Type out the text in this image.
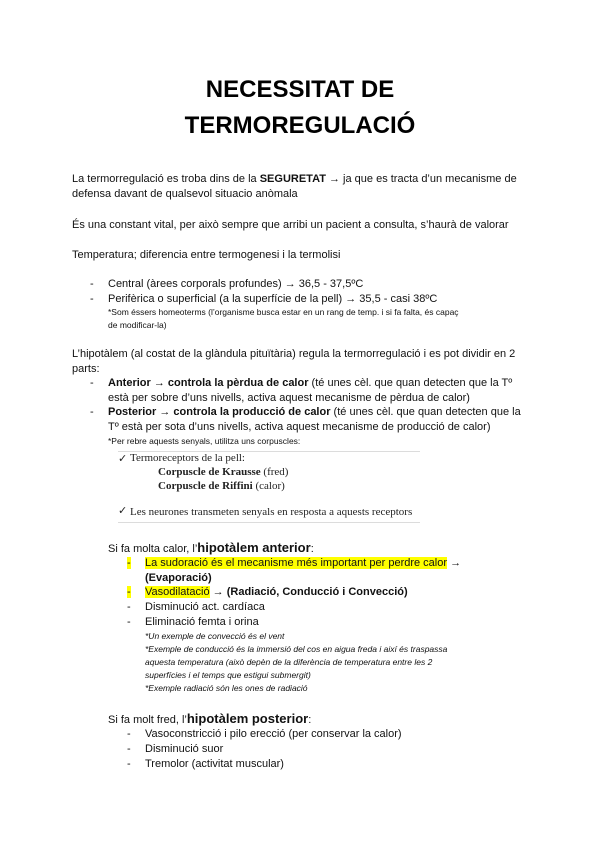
NECESSITAT DE
TERMOREGULACIÓ
La termorregulació es troba dins de la SEGURETAT → ja que es tracta d’un mecanisme de
defensa davant de qualsevol situacio anòmala
És una constant vital, per això sempre que arribi un pacient a consulta, s’haurà de valorar
Temperatura; diferencia entre termogenesi i la termolisi
- Central (àrees corporals profundes) → 36,5 - 37,5ºC
- Perifèrica o superficial (a la superfície de la pell) → 35,5 - casi 38ºC
*Som éssers homeoterms (l’organisme busca estar en un rang de temp. i si fa falta, és capaç
de modificar-la)
L’hipotàlem (al costat de la glàndula pituïtària) regula la termorregulació i es pot dividir en 2
parts:
- Anterior → controla la pèrdua de calor (té unes cèl. que quan detecten que la Tº
està per sobre d’uns nivells, activa aquest mecanisme de pèrdua de calor)
- Posterior → controla la producció de calor (té unes cèl. que quan detecten que la
Tº està per sota d’uns nivells, activa aquest mecanisme de producció de calor)
*Per rebre aquests senyals, utilitza uns corpuscles:
✓ Termoreceptors de la pell:
Corpuscle de Krausse (fred)
Corpuscle de Riffini (calor)
✓ Les neurones transmeten senyals en resposta a aquests receptors
Si fa molta calor, l’hipotàlem anterior:
- La sudoració és el mecanisme més important per perdre calor →
(Evaporació)
- Vasodilatació → (Radiació, Conducció i Convecció)
- Disminució act. cardíaca
- Eliminació femta i orina
*Un exemple de convecció és el vent
*Exemple de conducció és la immersió del cos en aigua freda i així és traspassa
aquesta temperatura (això depèn de la diferència de temperatura entre les 2
superfícies i el temps que estigui submergit)
*Exemple radiació són les ones de radiació
Si fa molt fred, l’hipotàlem posterior:
- Vasoconstricció i pilo erecció (per conservar la calor)
- Disminució suor
- Tremolor (activitat muscular)
